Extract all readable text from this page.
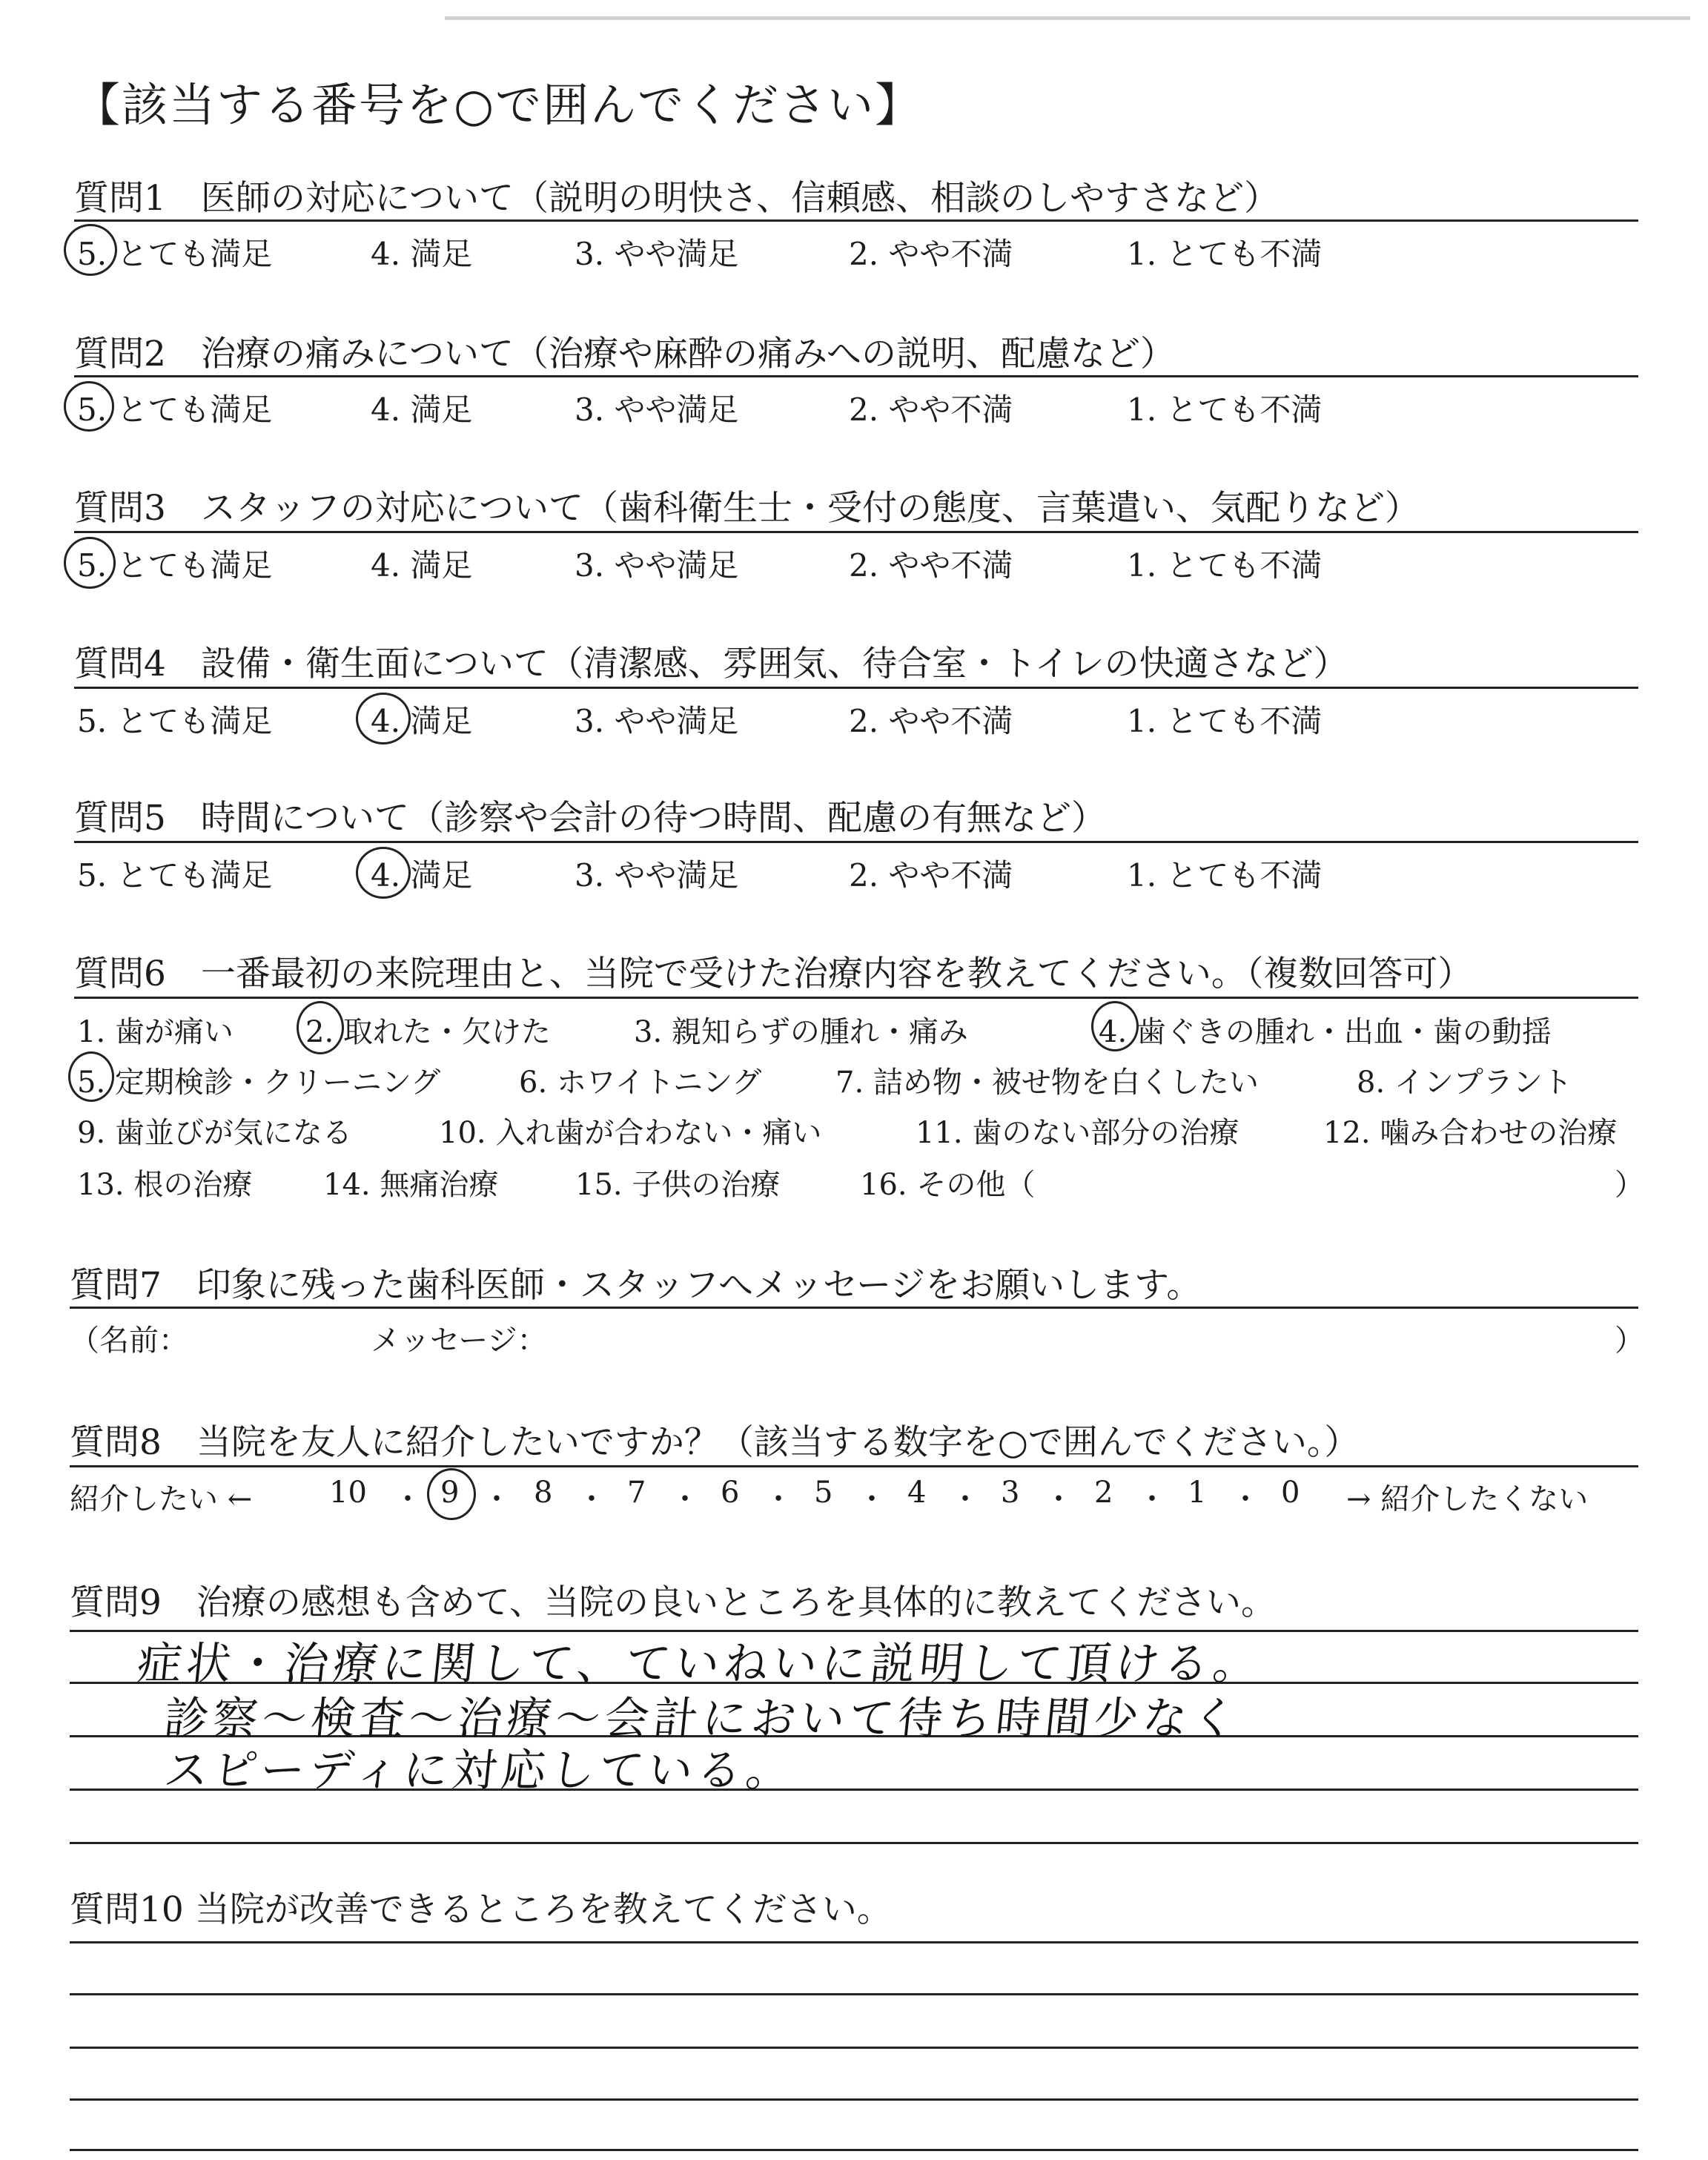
【該当する番号を○で囲んでください】
質問1　医師の対応について（説明の明快さ、信頼感、相談のしやすさなど）
5. とても満足	4. 満足	3. やや満足	2. やや不満	1. とても不満
質問2　治療の痛みについて（治療や麻酔の痛みへの説明、配慮など）
5. とても満足	4. 満足	3. やや満足	2. やや不満	1. とても不満
質問3　スタッフの対応について（歯科衛生士・受付の態度、言葉遣い、気配りなど）
5. とても満足	4. 満足	3. やや満足	2. やや不満	1. とても不満
質問4　設備・衛生面について（清潔感、雰囲気、待合室・トイレの快適さなど）
5. とても満足	4. 満足	3. やや満足	2. やや不満	1. とても不満
質問5　時間について（診察や会計の待つ時間、配慮の有無など）
5. とても満足	4. 満足	3. やや満足	2. やや不満	1. とても不満
質問6　一番最初の来院理由と、当院で受けた治療内容を教えてください。（複数回答可）
1. 歯が痛い 2. 取れた・欠けた	3. 親知らずの腫れ・痛み	4. 歯ぐきの腫れ・出血・歯の動揺
5. 定期検診・クリーニング	6. ホワイトニング 7. 詰め物・被せ物を白くしたい	8. インプラント
9. 歯並びが気になる	10. 入れ歯が合わない・痛い	11. 歯のない部分の治療	12. 噛み合わせの治療
13. 根の治療 14. 無痛治療	15. 子供の治療	16. その他（	）
質問7　印象に残った歯科医師・スタッフへメッセージをお願いします。
（名前：	メッセージ：	）
質問8　当院を友人に紹介したいですか？（該当する数字を○で囲んでください。）
紹介したい ←	10 ・ 9 ・ 8 ・ 7 ・ 6 ・ 5 ・ 4 ・ 3 ・ 2 ・ 1 ・ 0 → 紹介したくない
質問9　治療の感想も含めて、当院の良いところを具体的に教えてください。
症状・治療に関して、ていねいに説明して頂ける。
診察〜検査〜治療〜会計において待ち時間少なく
スピーディに対応している。
質問10 当院が改善できるところを教えてください。
